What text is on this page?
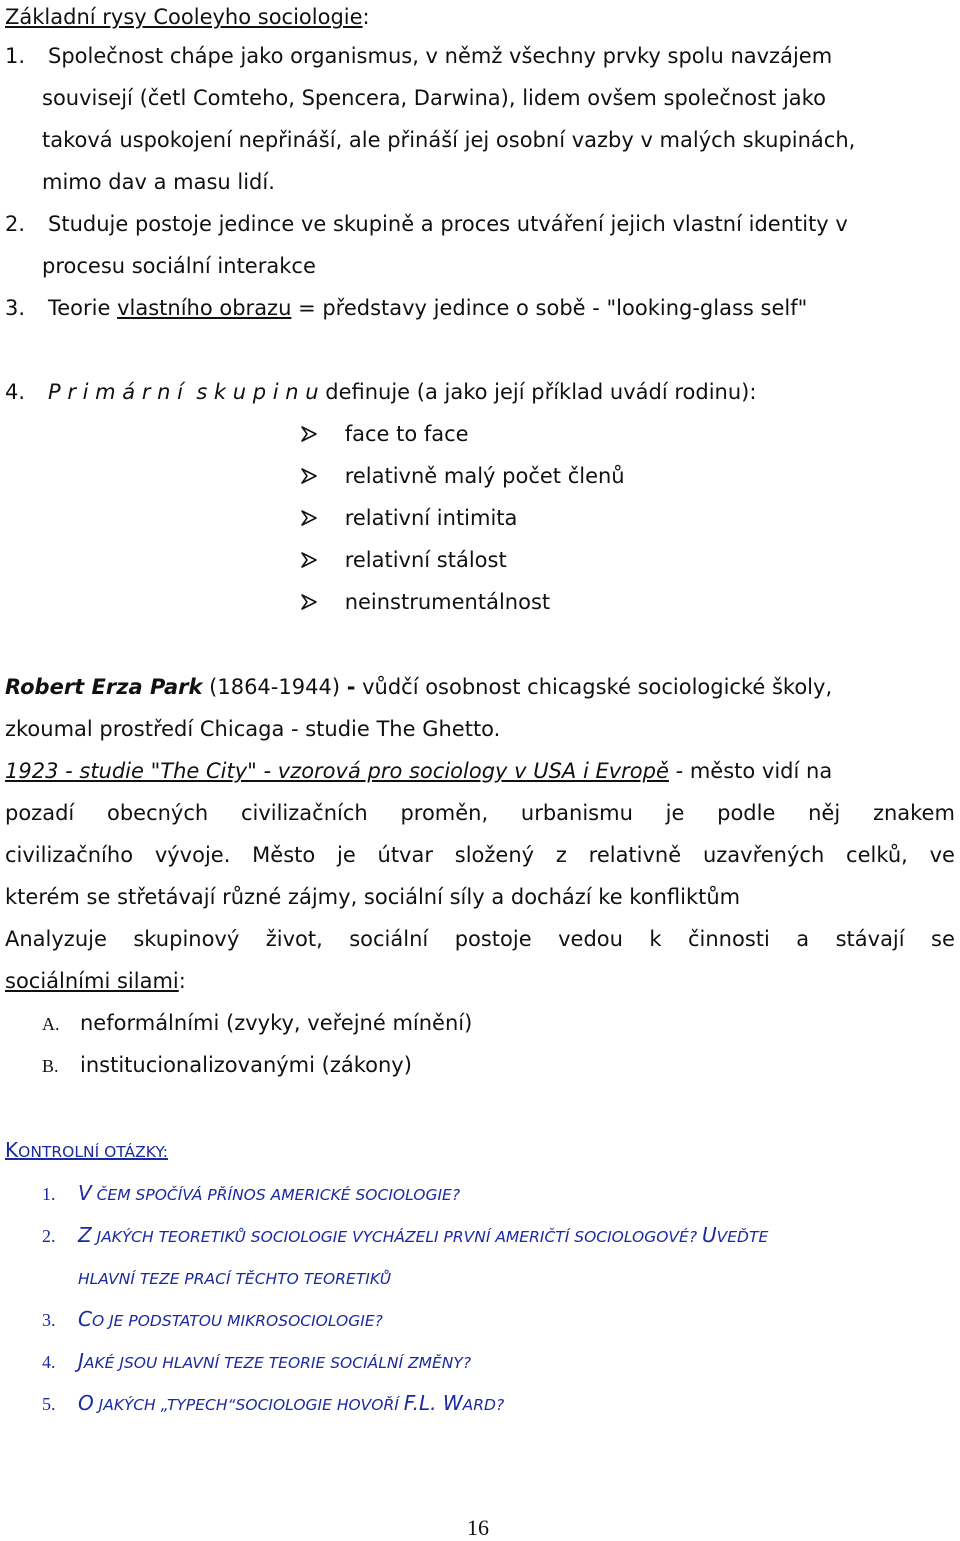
Základní rysy Cooleyho sociologie:
1. Společnost chápe jako organismus, v němž všechny prvky spolu navzájem
souvisejí (četl Comteho, Spencera, Darwina), lidem ovšem společnost jako
taková uspokojení nepřináší, ale přináší jej osobní vazby v malých skupinách,
mimo dav a masu lidí.
2. Studuje postoje jedince ve skupině a proces utváření jejich vlastní identity v
procesu sociální interakce
3. Teorie vlastního obrazu = představy jedince o sobě - "looking-glass self"
4. P r i m á r n í  s k u p i n u definuje (a jako její příklad uvádí rodinu):
face to face
relativně malý počet členů
relativní intimita
relativní stálost
neinstrumentálnost
Robert Erza Park (1864-1944) - vůdčí osobnost chicagské sociologické školy,
zkoumal prostředí Chicaga - studie The Ghetto.
1923 - studie "The City" - vzorová pro sociology v USA i Evropě - město vidí na
pozadí obecných civilizačních proměn, urbanismu je podle něj znakem
civilizačního vývoje. Město je útvar složený z relativně uzavřených celků, ve
kterém se střetávají různé zájmy, sociální síly a dochází ke konfliktům
Analyzuje skupinový život, sociální postoje vedou k činnosti a stávají se
sociálními silami:
A. neformálními (zvyky, veřejné mínění)
B. institucionalizovanými (zákony)
KONTROLNÍ OTÁZKY:
1. V ČEM SPOČÍVÁ PŘÍNOS AMERICKÉ SOCIOLOGIE?
2. Z JAKÝCH TEORETIKŮ SOCIOLOGIE VYCHÁZELI PRVNÍ AMERIČTÍ SOCIOLOGOVÉ? UVEĎTE
HLAVNÍ TEZE PRACÍ TĚCHTO TEORETIKŮ
3. CO JE PODSTATOU MIKROSOCIOLOGIE?
4. JAKÉ JSOU HLAVNÍ TEZE TEORIE SOCIÁLNÍ ZMĚNY?
5. O JAKÝCH „TYPECH“SOCIOLOGIE HOVOŘÍ F.L. WARD?
16
